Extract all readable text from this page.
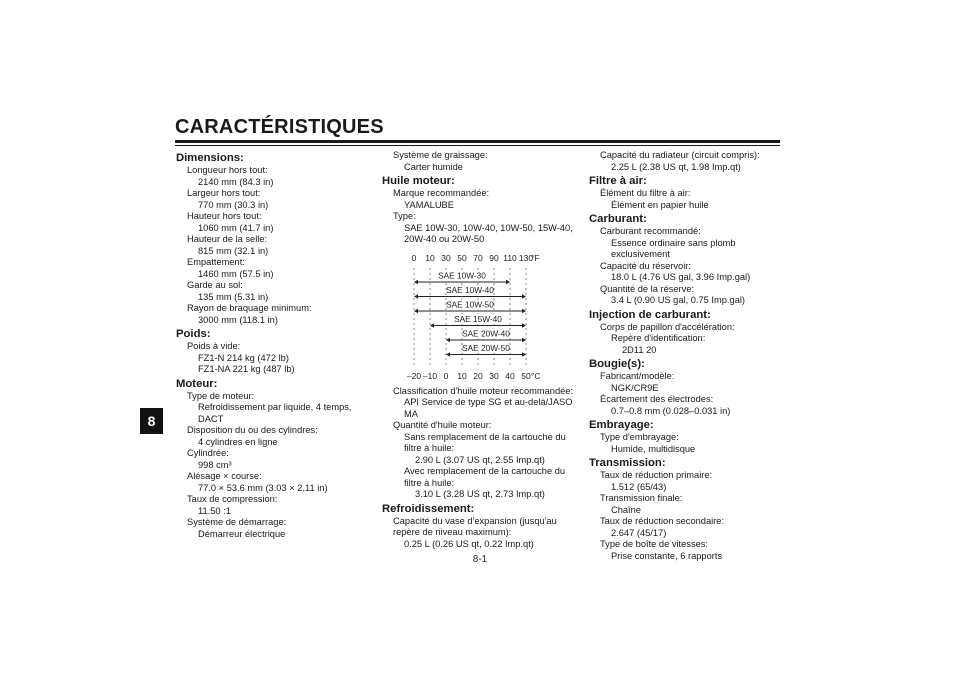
CARACTÉRISTIQUES
8
Dimensions:
Longueur hors tout:
2140 mm (84.3 in)
Largeur hors tout:
770 mm (30.3 in)
Hauteur hors tout:
1060 mm (41.7 in)
Hauteur de la selle:
815 mm (32.1 in)
Empattement:
1460 mm (57.5 in)
Garde au sol:
135 mm (5.31 in)
Rayon de braquage minimum:
3000 mm (118.1 in)
Poids:
Poids à vide:
FZ1-N 214 kg (472 lb)
FZ1-NA 221 kg (487 lb)
Moteur:
Type de moteur:
Refroidissement par liquide, 4 temps,
DACT
Disposition du ou des cylindres:
4 cylindres en ligne
Cylindrée:
998 cm³
Alésage × course:
77.0 × 53.6 mm (3.03 × 2.11 in)
Taux de compression:
11.50 :1
Système de démarrage:
Démarreur électrique
Système de graissage:
Carter humide
Huile moteur:
Marque recommandée:
YAMALUBE
Type:
SAE 10W-30, 10W-40, 10W-50, 15W-40,
20W-40 ou 20W-50
0 10 30 50 70 90 110 130
°F
SAE 10W-30
SAE 10W-40
SAE 10W-50
SAE 15W-40
SAE 20W-40
SAE 20W-50
–20 –10 0 10 20 30 40 50 °C
Classification d'huile moteur recommandée:
API Service de type SG et au-delà/JASO
MA
Quantité d'huile moteur:
Sans remplacement de la cartouche du
filtre à huile:
2.90 L (3.07 US qt, 2.55 Imp.qt)
Avec remplacement de la cartouche du
filtre à huile:
3.10 L (3.28 US qt, 2.73 Imp.qt)
Refroidissement:
Capacité du vase d'expansion (jusqu'au
repère de niveau maximum):
0.25 L (0.26 US qt, 0.22 Imp.qt)
Capacité du radiateur (circuit compris):
2.25 L (2.38 US qt, 1.98 Imp.qt)
Filtre à air:
Élément du filtre à air:
Élément en papier huilé
Carburant:
Carburant recommandé:
Essence ordinaire sans plomb
exclusivement
Capacité du réservoir:
18.0 L (4.76 US gal, 3.96 Imp.gal)
Quantité de la réserve:
3.4 L (0.90 US gal, 0.75 Imp.gal)
Injection de carburant:
Corps de papillon d'accélération:
Repère d'identification:
2D11 20
Bougie(s):
Fabricant/modèle:
NGK/CR9E
Écartement des électrodes:
0.7–0.8 mm (0.028–0.031 in)
Embrayage:
Type d'embrayage:
Humide, multidisque
Transmission:
Taux de réduction primaire:
1.512 (65/43)
Transmission finale:
Chaîne
Taux de réduction secondaire:
2.647 (45/17)
Type de boîte de vitesses:
Prise constante, 6 rapports
8-1
